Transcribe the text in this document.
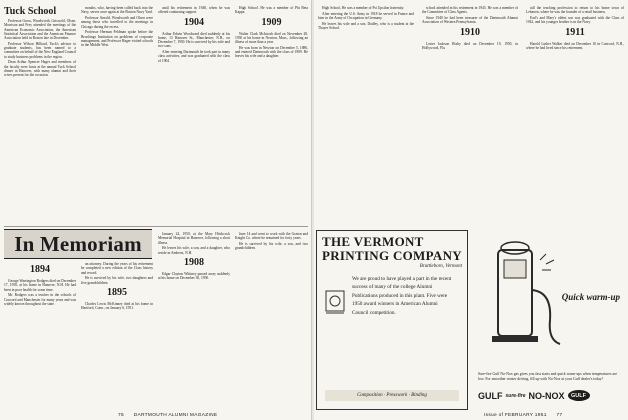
Tuck School

Professor Gross, Woodworth, Griswold, Olsen, Morrison and Frey attended the meetings of the American Economic Association, the American Statistical Association and the American Finance Association held in Boston late in December.

Professor Wilson Hilliard, Tuck's advisor to graduate students, has been named to a committee on behalf of the New England Council to study business problems in the region.

Dean Arthur Spencer Hager and members of the faculty were hosts at the annual Tuck School dinner in Hanover, with many alumni and their wives present for the occasion.

mouths, who, having been called back into the Navy, serves once again at the Boston Navy Yard.

Professor Arnold, Woodworth and Olsen were among those who travelled to the meetings in Chicago during the recess.

Professor Herman Feldman spoke before the Brookings Institution on problems of corporate management, and Professor Hager visited schools in the Middle West.

until his retirement in 1948, when he was offered continuing support.

1904

Arthur Edwin Woodward died suddenly at his home, 13 Hanover St., Manchester, N.H., on December 7, 1950. He is survived by his wife and two sons.

After entering Dartmouth he took part in many class activities, and was graduated with the class of 1904.

High School. He was a member of Phi Beta Kappa.

1909

Walter Clark McIntosh died on November 28, 1950 at his home in Newton, Mass., following an illness of more than a year.

He was born in Newton on December 5, 1886, and entered Dartmouth with the class of 1909. He leaves his wife and a daughter.

In Memoriam
1894

George Warrington Rodgers died on December 17, 1950, at his home in Hanover, N.H. He had been in poor health for some time.

Mr. Rodgers was a teacher in the schools of Concord and Manchester for many years and was widely known throughout the state.

an attorney. During the years of his retirement he completed a new edition of the Class history and record.

He is survived by his wife, two daughters and five grandchildren.

1895

Charles Lewis McKinney died at his home in Hartford, Conn., on January 6, 1951.

January 24, 1950, at the Mary Hitchcock Memorial Hospital in Hanover, following a short illness.

He leaves his wife, a son, and a daughter, who reside in Amherst, N.H.

1908

Edgar Clayton Whitney passed away suddenly at his home on December 30, 1950.

June 14 and went to work with the Graton and Knight Co. where he remained for forty years.

He is survived by his wife, a son, and two grandchildren.

76 DARTMOUTH ALUMNI MAGAZINE

High School, He was a member of Psi Upsilon fraternity.

After entering the U.S. Army in 1918 he served in France and later in the Army of Occupation in Germany.

He leaves his wife and a son, Dudley, who is a student at the Thayer School.

school attended in his retirement in 1945. He was a member of the Committee of Class Agents.

Since 1940 he had been treasurer of the Dartmouth Alumni Association of Western Pennsylvania.

1910

Lester Jackson Bixby died on December 19, 1950, in Hollywood, Fla.

tall the teaching profession to return to his home town of Lebanon, where he was the founder of a retail business.

Earl's and Mary's oldest son was graduated with the Class of 1942, and his younger brother is in the Navy.

1911

Harold Luther Walker died on December 10 in Concord, N.H., where he had lived since his retirement.

THE VERMONT
PRINTING COMPANY
Brattleboro, Vermont
We are proud to have played a part in the recent success of many of the college Alumni Publications produced in this plant. Five were 1950 award winners in American Alumni Council competition.
Composition · Presswork · Binding
Quick warm-up
Sure-fire Gulf No-Nox gas gives you fast starts and quick warm-ups when temperatures are low. For smoother winter driving, fill up with No-Nox at your Gulf dealer's today!
GULF sure-fire NO-NOX GULF
Issue of FEBRUARY 1951 77
